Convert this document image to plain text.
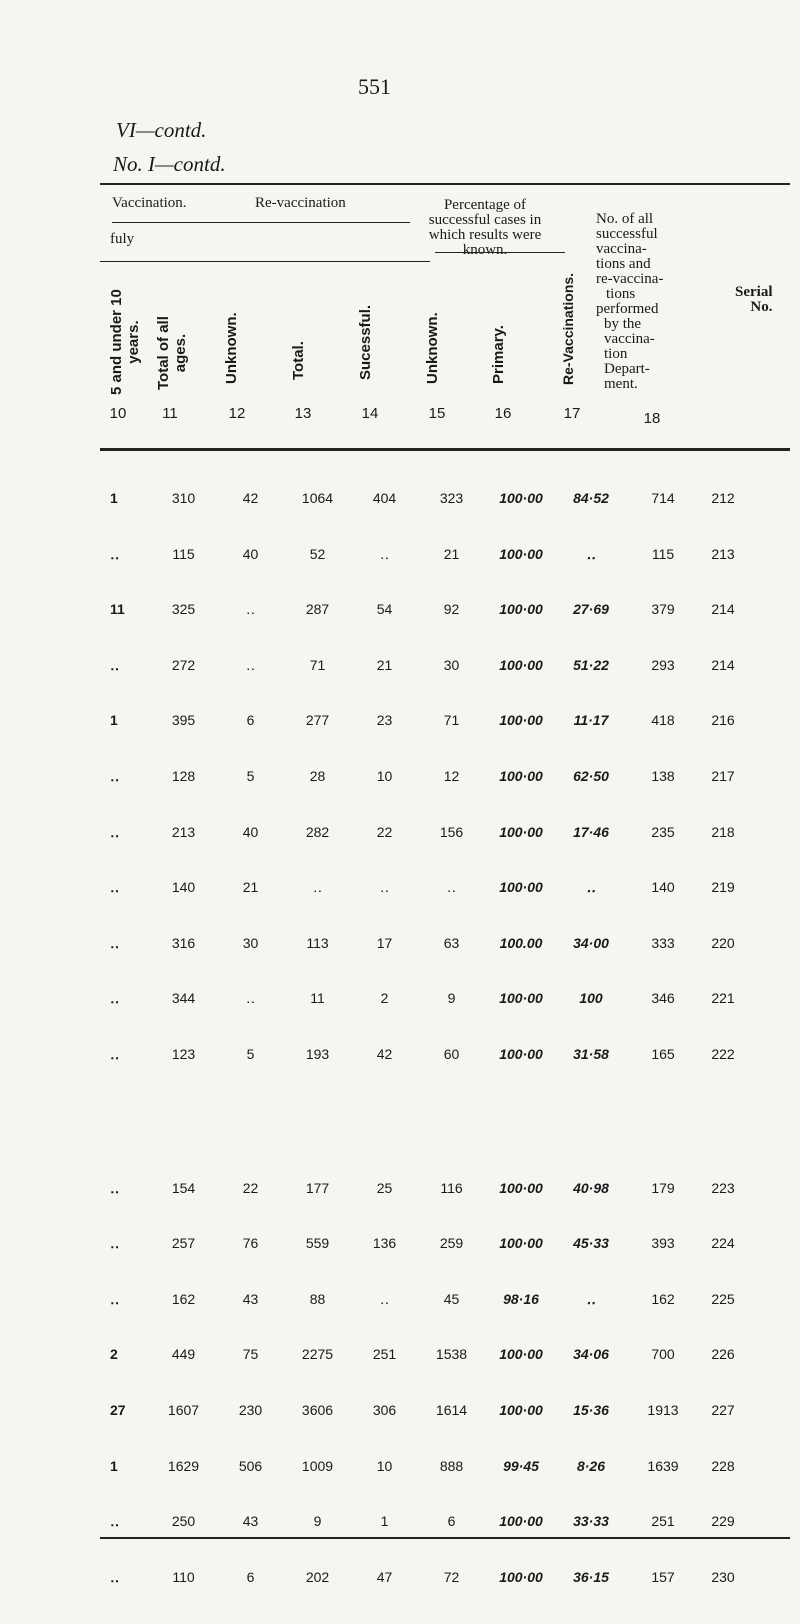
551
VI—contd.
No. I—contd.
Vaccination.
fuly
Re-vaccination	Percentage of
successful cases in
which results were
known.
No. of all
successful
vaccina-
tions and
re-vaccina-
tions
performed
by the
vaccina-
tion
Depart-
ment.
Serial
No.
5 and under 10 years. Total of all ages. Unknown.	Total.	Sucessful.	Unknown.	Primary.	Re-Vaccinations.
10	11	12	13	14	15	16	17	18
1	310	42	1064	404	323	100·00	84·52	714	212
‥	115	40	52	‥	21	100·00	‥	115	213
11	325	‥	287	54	92	100·00	27·69	379	214
‥	272	‥	71	21	30	100·00	51·22	293	214
1	395	6	277	23	71	100·00	11·17	418	216
‥	128	5	28	10	12	100·00	62·50	138	217
‥	213	40	282	22	156	100·00	17·46	235	218
‥	140	21	‥	‥	‥	100·00	‥	140	219
‥	316	30	113	17	63	100.00	34·00	333	220
‥	344	‥	11	2	9	100·00	100	346	221
‥	123	5	193	42	60	100·00	31·58	165	222

‥	154	22	177	25	116	100·00	40·98	179	223
‥	257	76	559	136	259	100·00	45·33	393	224
‥	162	43	88	‥	45	98·16	‥	162	225
2	449	75	2275	251	1538	100·00	34·06	700	226
27	1607	230	3606	306	1614	100·00	15·36	1913	227
1	1629	506	1009	10	888	99·45	8·26	1639	228
‥	250	43	9	1	6	100·00	33·33	251	229
‥	110	6	202	47	72	100·00	36·15	157	230
